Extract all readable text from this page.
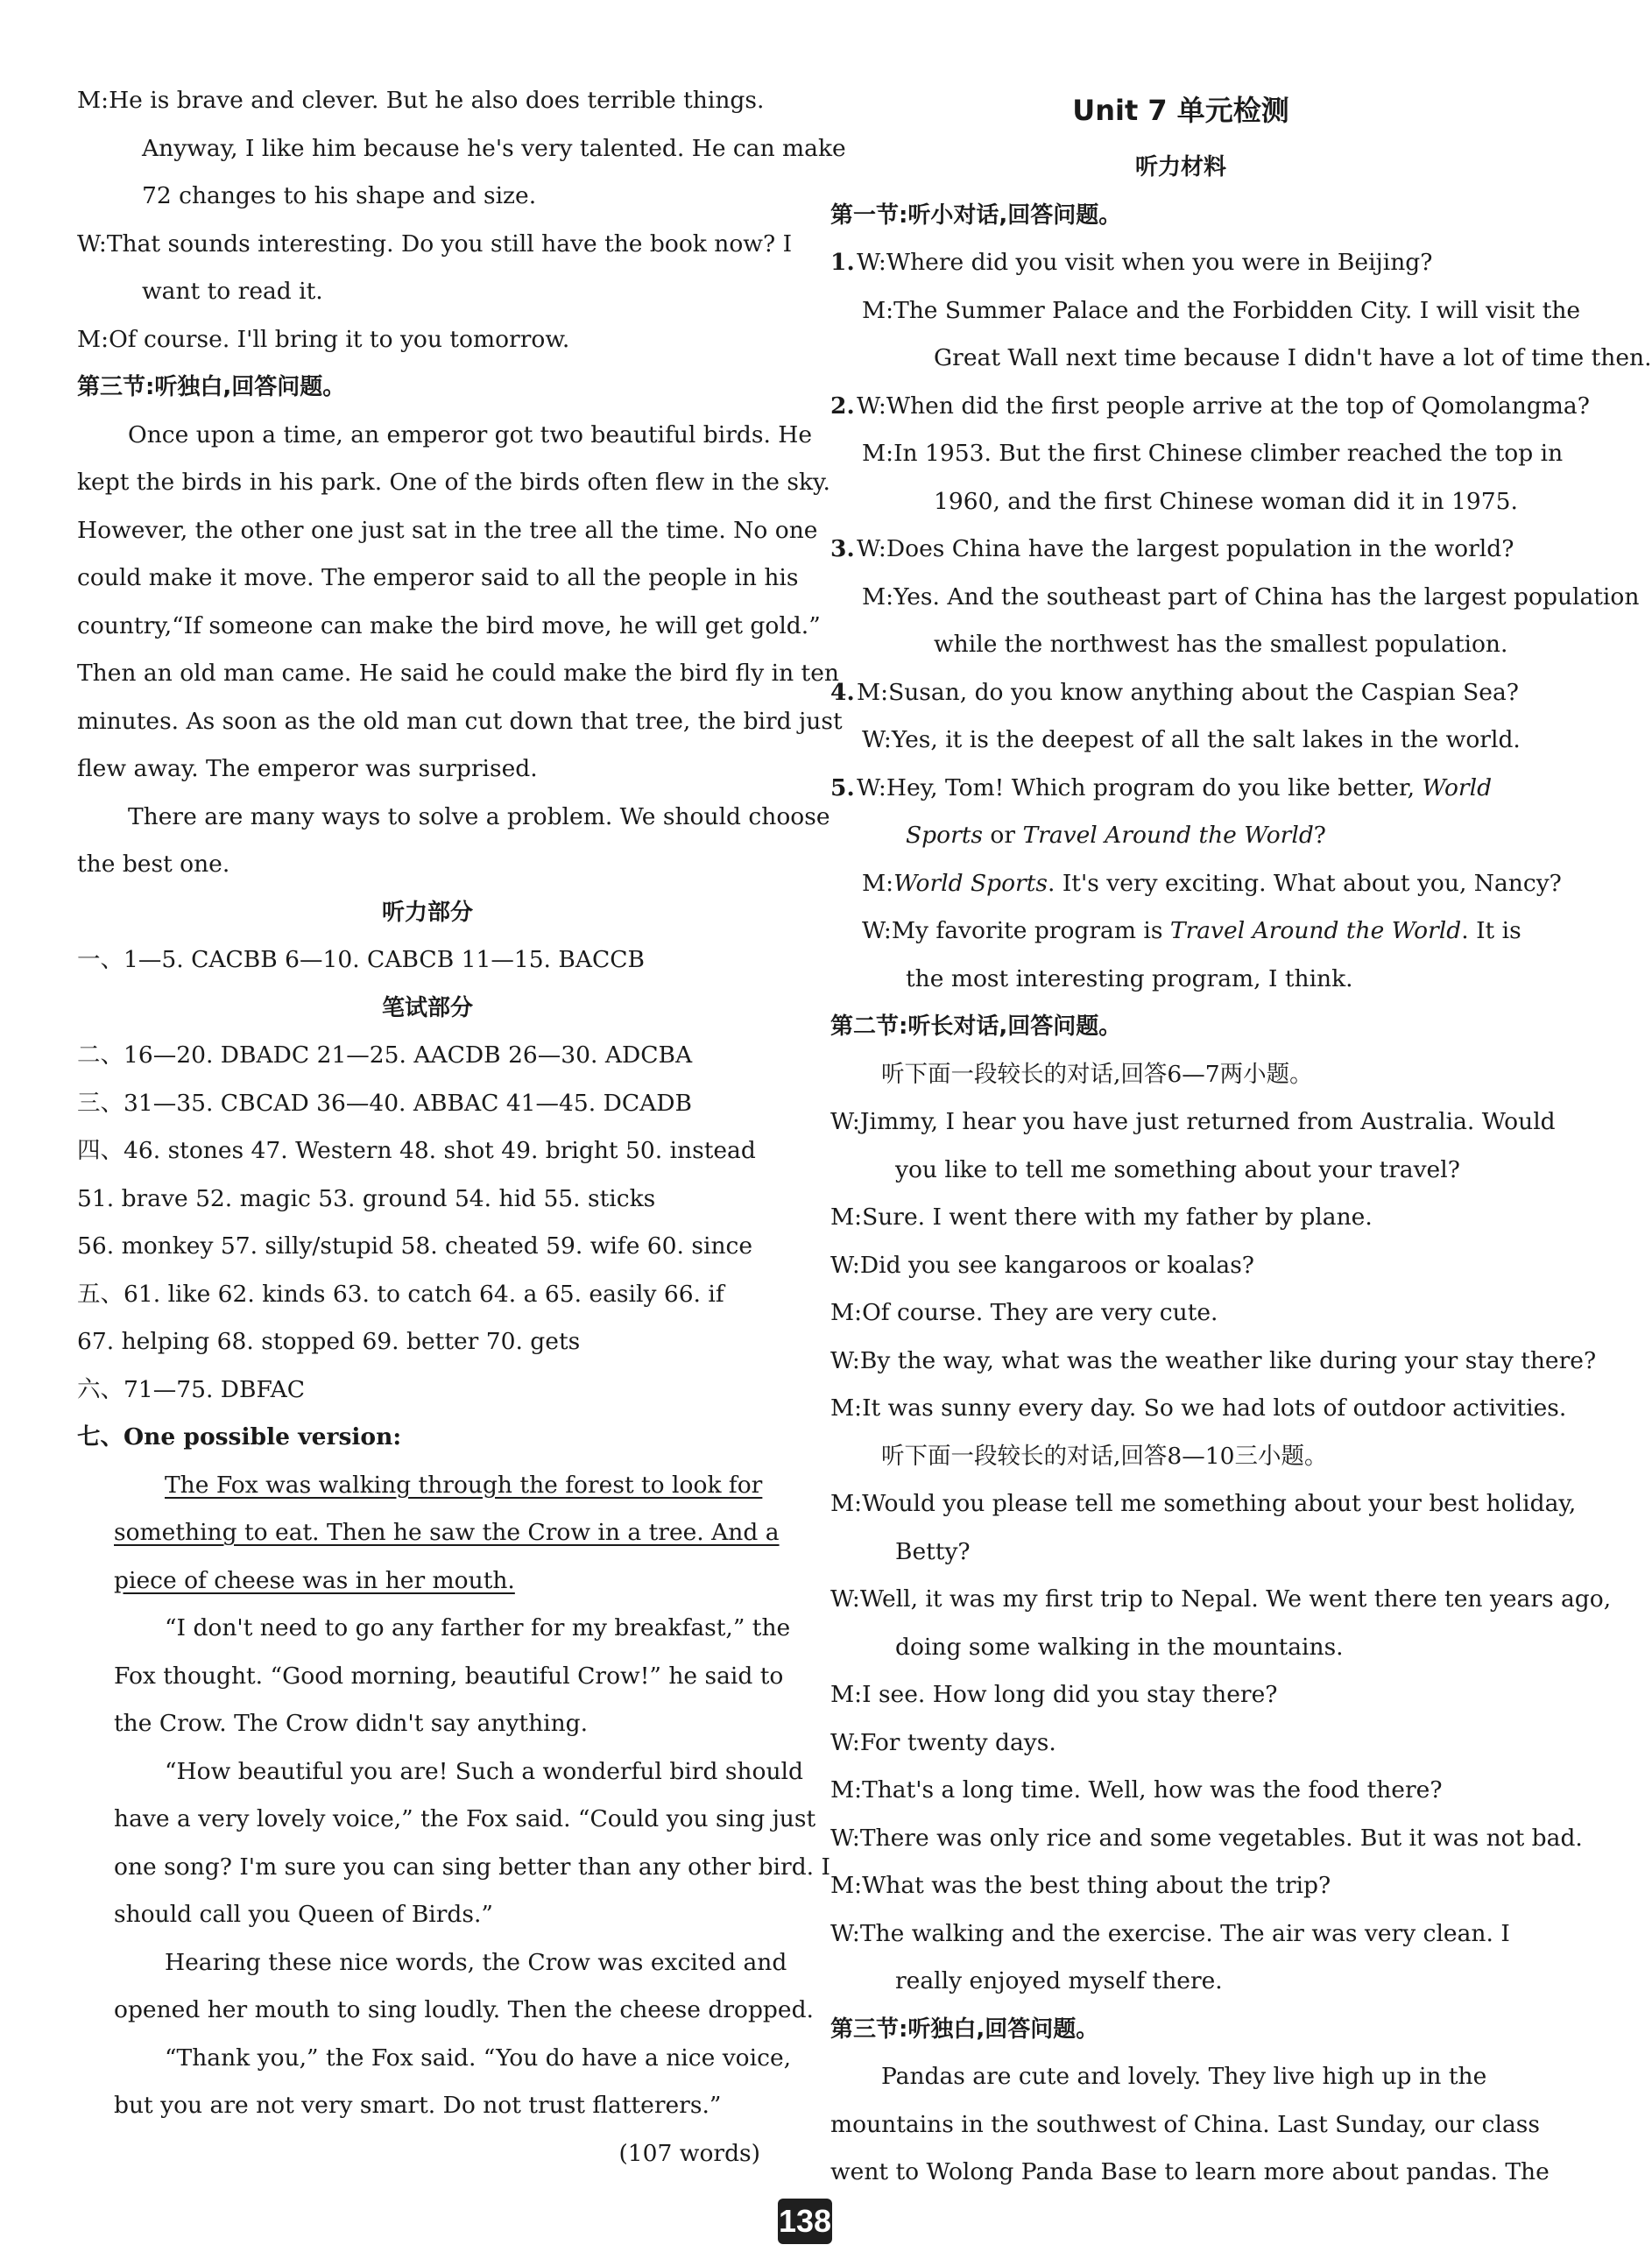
M:He is brave and clever. But he also does terrible things.
Anyway, I like him because he's very talented. He can make
72 changes to his shape and size.
W:That sounds interesting. Do you still have the book now? I
want to read it.
M:Of course. I'll bring it to you tomorrow.
第三节:听独白,回答问题。
Once upon a time, an emperor got two beautiful birds. He
kept the birds in his park. One of the birds often flew in the sky.
However, the other one just sat in the tree all the time. No one
could make it move. The emperor said to all the people in his
country,“If someone can make the bird move, he will get gold.”
Then an old man came. He said he could make the bird fly in ten
minutes. As soon as the old man cut down that tree, the bird just
flew away. The emperor was surprised.
There are many ways to solve a problem. We should choose
the best one.
听力部分
一、1—5. CACBB 6—10. CABCB 11—15. BACCB
笔试部分
二、16—20. DBADC 21—25. AACDB 26—30. ADCBA
三、31—35. CBCAD 36—40. ABBAC 41—45. DCADB
四、46. stones 47. Western 48. shot 49. bright 50. instead
51. brave 52. magic 53. ground 54. hid 55. sticks
56. monkey 57. silly/stupid 58. cheated 59. wife 60. since
五、61. like 62. kinds 63. to catch 64. a 65. easily 66. if
67. helping 68. stopped 69. better 70. gets
六、71—75. DBFAC
七、One possible version:
The Fox was walking through the forest to look for
something to eat. Then he saw the Crow in a tree. And a
piece of cheese was in her mouth.
“I don't need to go any farther for my breakfast,” the
Fox thought. “Good morning, beautiful Crow!” he said to
the Crow. The Crow didn't say anything.
“How beautiful you are! Such a wonderful bird should
have a very lovely voice,” the Fox said. “Could you sing just
one song? I'm sure you can sing better than any other bird. I
should call you Queen of Birds.”
Hearing these nice words, the Crow was excited and
opened her mouth to sing loudly. Then the cheese dropped.
“Thank you,” the Fox said. “You do have a nice voice,
but you are not very smart. Do not trust flatterers.”
(107 words)
Unit 7 单元检测
听力材料
第一节:听小对话,回答问题。
1.W:Where did you visit when you were in Beijing?
M:The Summer Palace and the Forbidden City. I will visit the
Great Wall next time because I didn't have a lot of time then.
2.W:When did the first people arrive at the top of Qomolangma?
M:In 1953. But the first Chinese climber reached the top in
1960, and the first Chinese woman did it in 1975.
3.W:Does China have the largest population in the world?
M:Yes. And the southeast part of China has the largest population
while the northwest has the smallest population.
4.M:Susan, do you know anything about the Caspian Sea?
W:Yes, it is the deepest of all the salt lakes in the world.
5.W:Hey, Tom! Which program do you like better, World
Sports or Travel Around the World?
M:World Sports. It's very exciting. What about you, Nancy?
W:My favorite program is Travel Around the World. It is
the most interesting program, I think.
第二节:听长对话,回答问题。
听下面一段较长的对话,回答6—7两小题。
W:Jimmy, I hear you have just returned from Australia. Would
you like to tell me something about your travel?
M:Sure. I went there with my father by plane.
W:Did you see kangaroos or koalas?
M:Of course. They are very cute.
W:By the way, what was the weather like during your stay there?
M:It was sunny every day. So we had lots of outdoor activities.
听下面一段较长的对话,回答8—10三小题。
M:Would you please tell me something about your best holiday,
Betty?
W:Well, it was my first trip to Nepal. We went there ten years ago,
doing some walking in the mountains.
M:I see. How long did you stay there?
W:For twenty days.
M:That's a long time. Well, how was the food there?
W:There was only rice and some vegetables. But it was not bad.
M:What was the best thing about the trip?
W:The walking and the exercise. The air was very clean. I
really enjoyed myself there.
第三节:听独白,回答问题。
Pandas are cute and lovely. They live high up in the
mountains in the southwest of China. Last Sunday, our class
went to Wolong Panda Base to learn more about pandas. The
138
